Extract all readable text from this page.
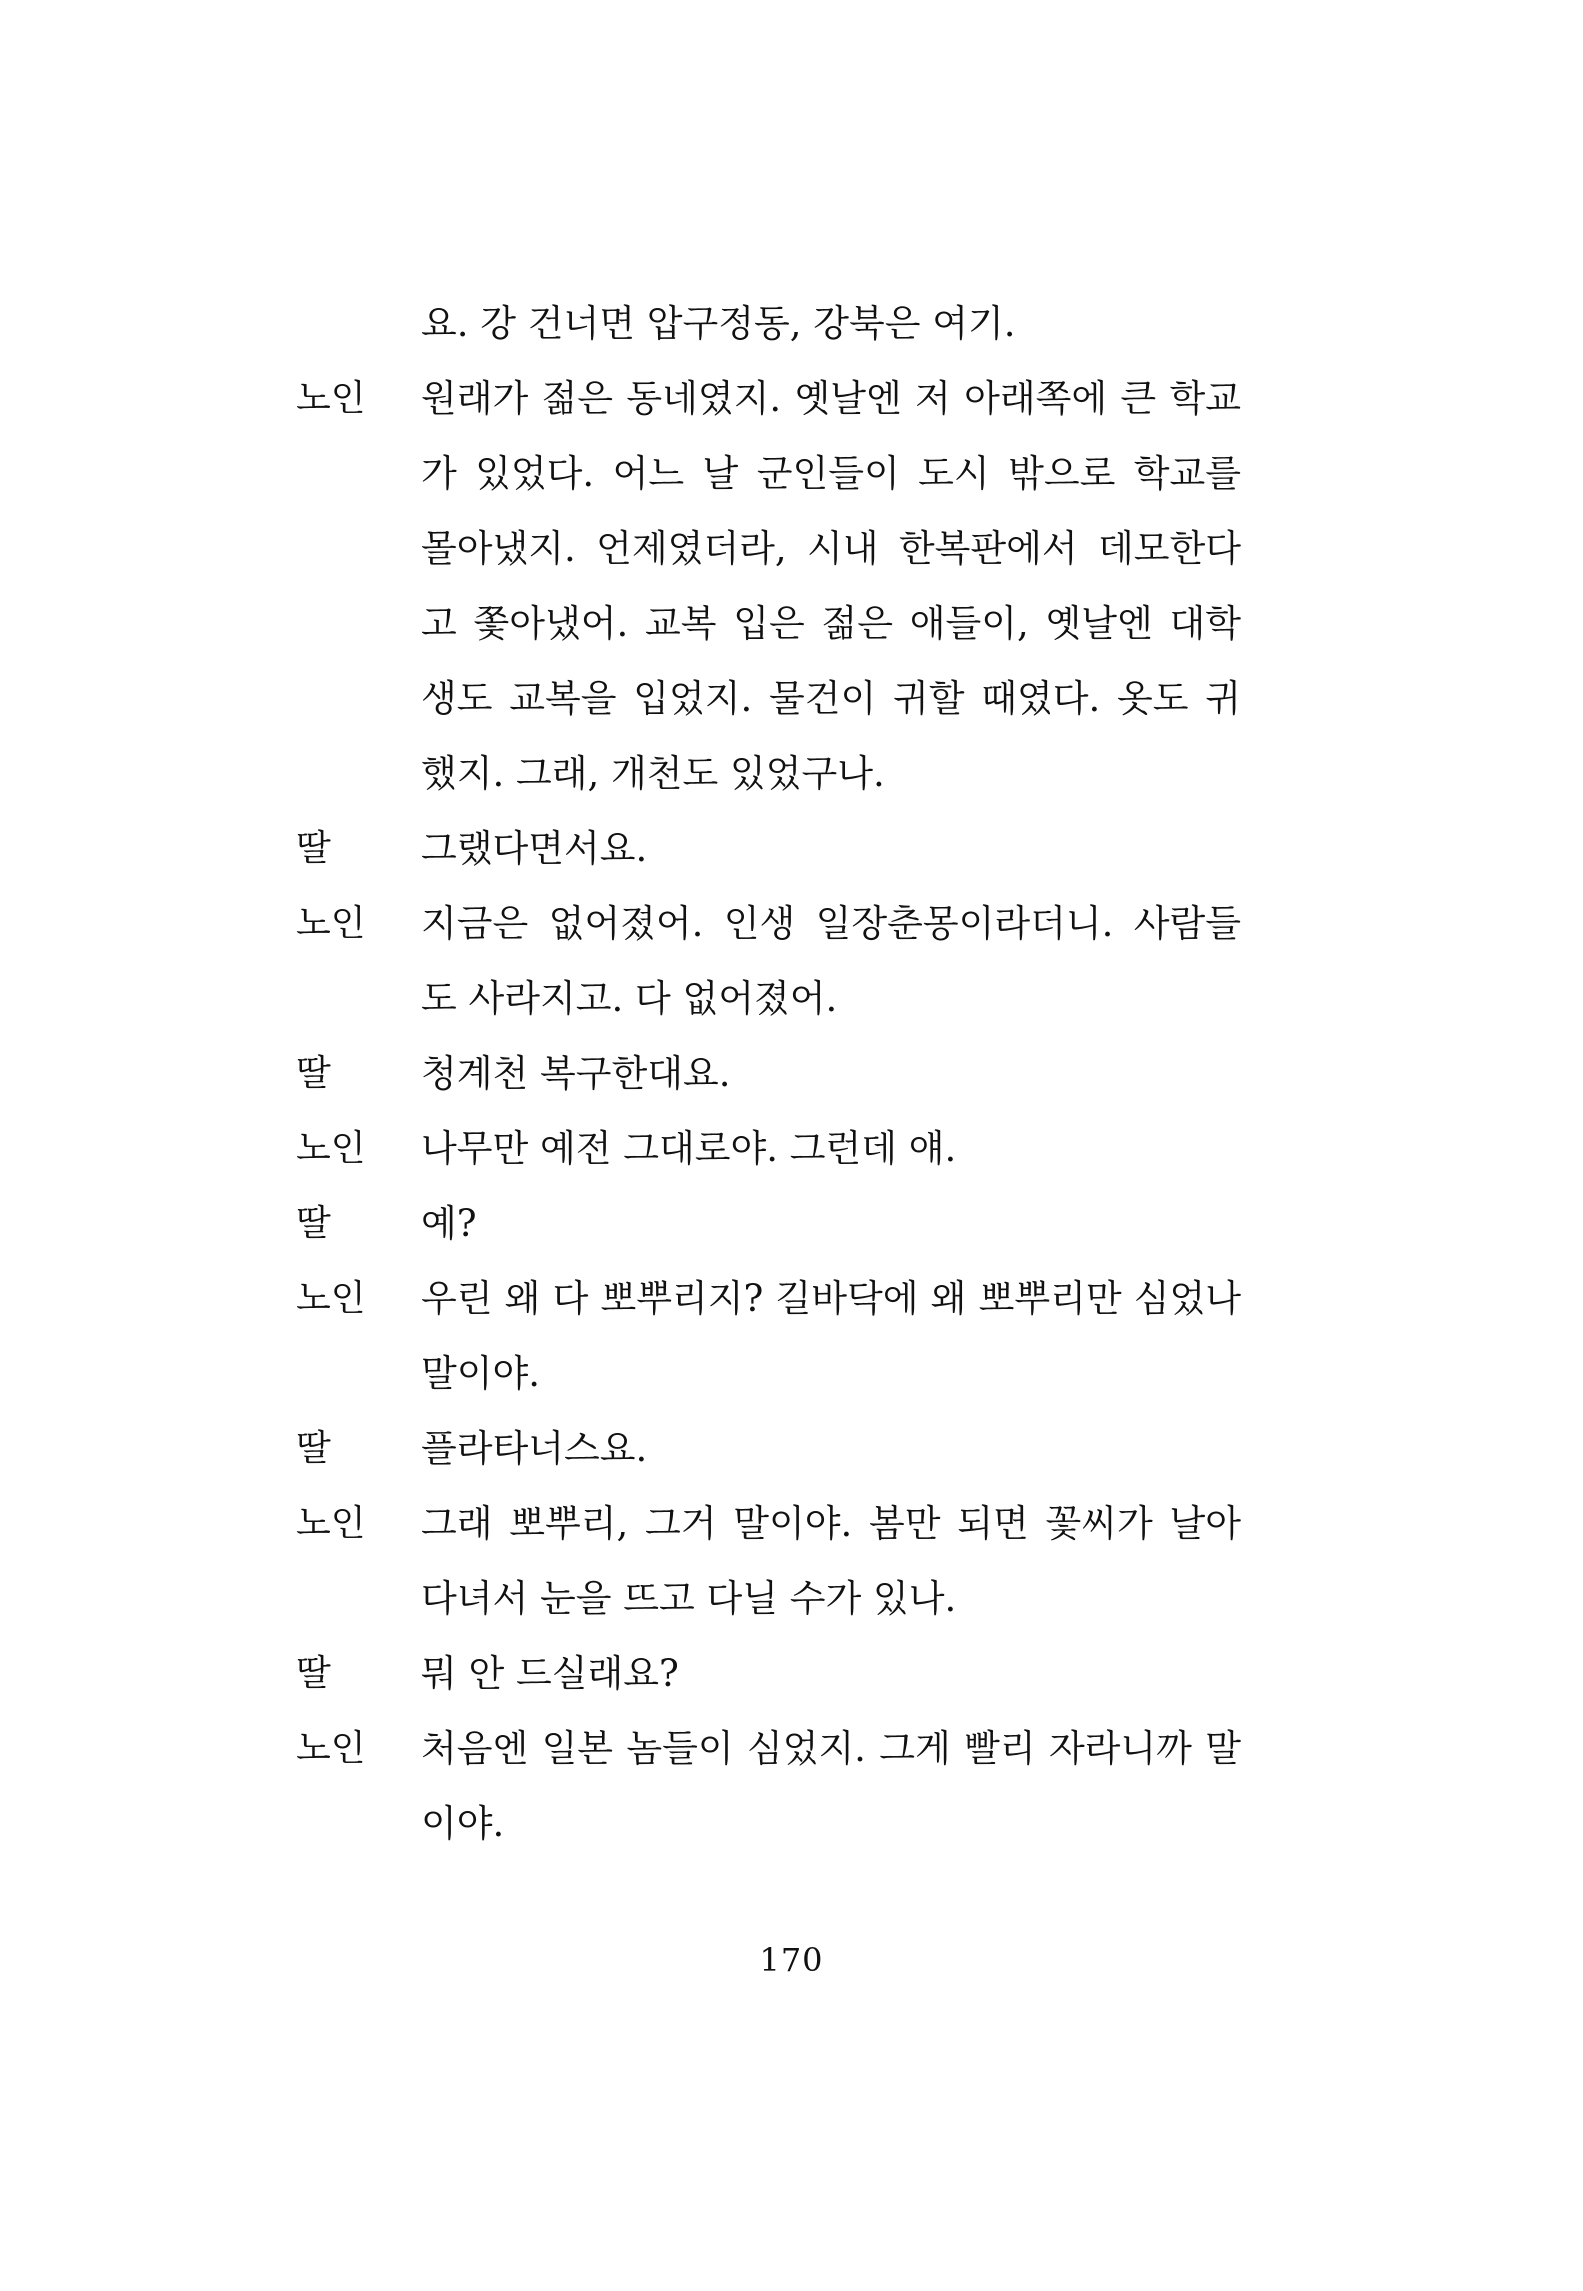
요. 강 건너면 압구정동, 강북은 여기.
노인	원래가 젊은 동네였지. 옛날엔 저 아래쪽에 큰 학교가 있었다. 어느 날 군인들이 도시 밖으로 학교를 몰아냈지. 언제였더라, 시내 한복판에서 데모한다고 쫓아냈어. 교복 입은 젊은 애들이, 옛날엔 대학생도 교복을 입었지. 물건이 귀할 때였다. 옷도 귀했지. 그래, 개천도 있었구나.
딸	그랬다면서요.
노인	지금은 없어졌어. 인생 일장춘몽이라더니. 사람들도 사라지고. 다 없어졌어.
딸	청계천 복구한대요.
노인	나무만 예전 그대로야. 그런데 얘.
딸	예?
노인	우린 왜 다 뽀뿌리지? 길바닥에 왜 뽀뿌리만 심었나 말이야.
딸	플라타너스요.
노인	그래 뽀뿌리, 그거 말이야. 봄만 되면 꽃씨가 날아다녀서 눈을 뜨고 다닐 수가 있나.
딸	뭐 안 드실래요?
노인	처음엔 일본 놈들이 심었지. 그게 빨리 자라니까 말이야.
170
